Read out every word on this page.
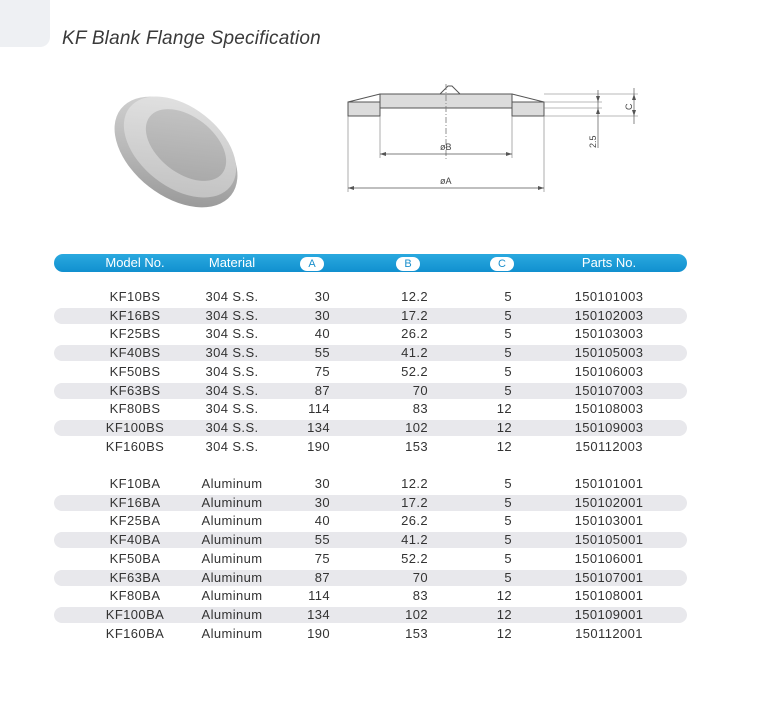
KF Blank Flange Specification
øB
øA
2.5
C
Model No.	Material	A	B	C	Parts No.
KF10BS	304 S.S.	30	12.2	5	150101003
KF16BS	304 S.S.	30	17.2	5	150102003
KF25BS	304 S.S.	40	26.2	5	150103003
KF40BS	304 S.S.	55	41.2	5	150105003
KF50BS	304 S.S.	75	52.2	5	150106003
KF63BS	304 S.S.	87	70	5	150107003
KF80BS	304 S.S.	114	83	12	150108003
KF100BS	304 S.S.	134	102	12	150109003
KF160BS	304 S.S.	190	153	12	150112003
KF10BA	Aluminum	30	12.2	5	150101001
KF16BA	Aluminum	30	17.2	5	150102001
KF25BA	Aluminum	40	26.2	5	150103001
KF40BA	Aluminum	55	41.2	5	150105001
KF50BA	Aluminum	75	52.2	5	150106001
KF63BA	Aluminum	87	70	5	150107001
KF80BA	Aluminum	114	83	12	150108001
KF100BA	Aluminum	134	102	12	150109001
KF160BA	Aluminum	190	153	12	150112001
